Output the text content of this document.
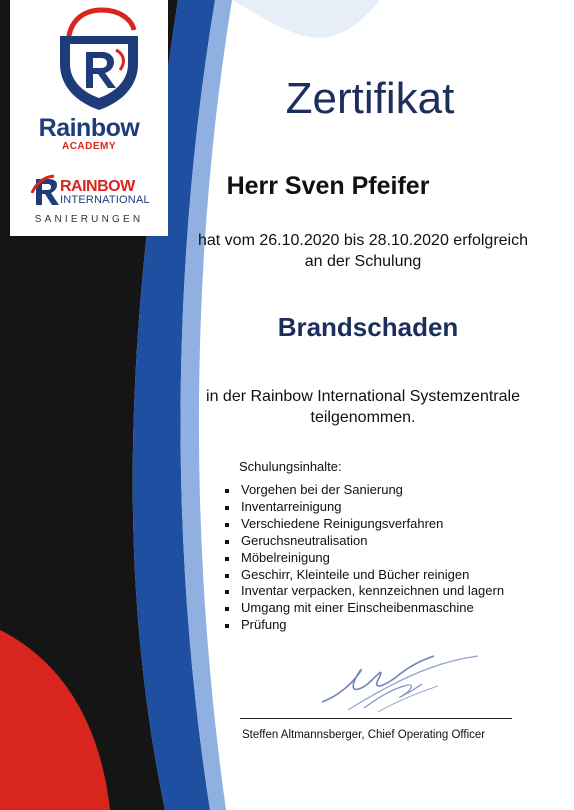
Rainbow
ACADEMY
RAINBOW
INTERNATIONAL
SANIERUNGEN
Zertifikat
Herr Sven Pfeifer
hat vom 26.10.2020 bis 28.10.2020 erfolgreich
an der Schulung
Brandschaden
in der Rainbow International Systemzentrale
teilgenommen.
Schulungsinhalte:
Vorgehen bei der Sanierung
Inventarreinigung
Verschiedene Reinigungsverfahren
Geruchsneutralisation
Möbelreinigung
Geschirr, Kleinteile und Bücher reinigen
Inventar verpacken, kennzeichnen und lagern
Umgang mit einer Einscheibenmaschine
Prüfung
Steffen Altmannsberger, Chief Operating Officer
